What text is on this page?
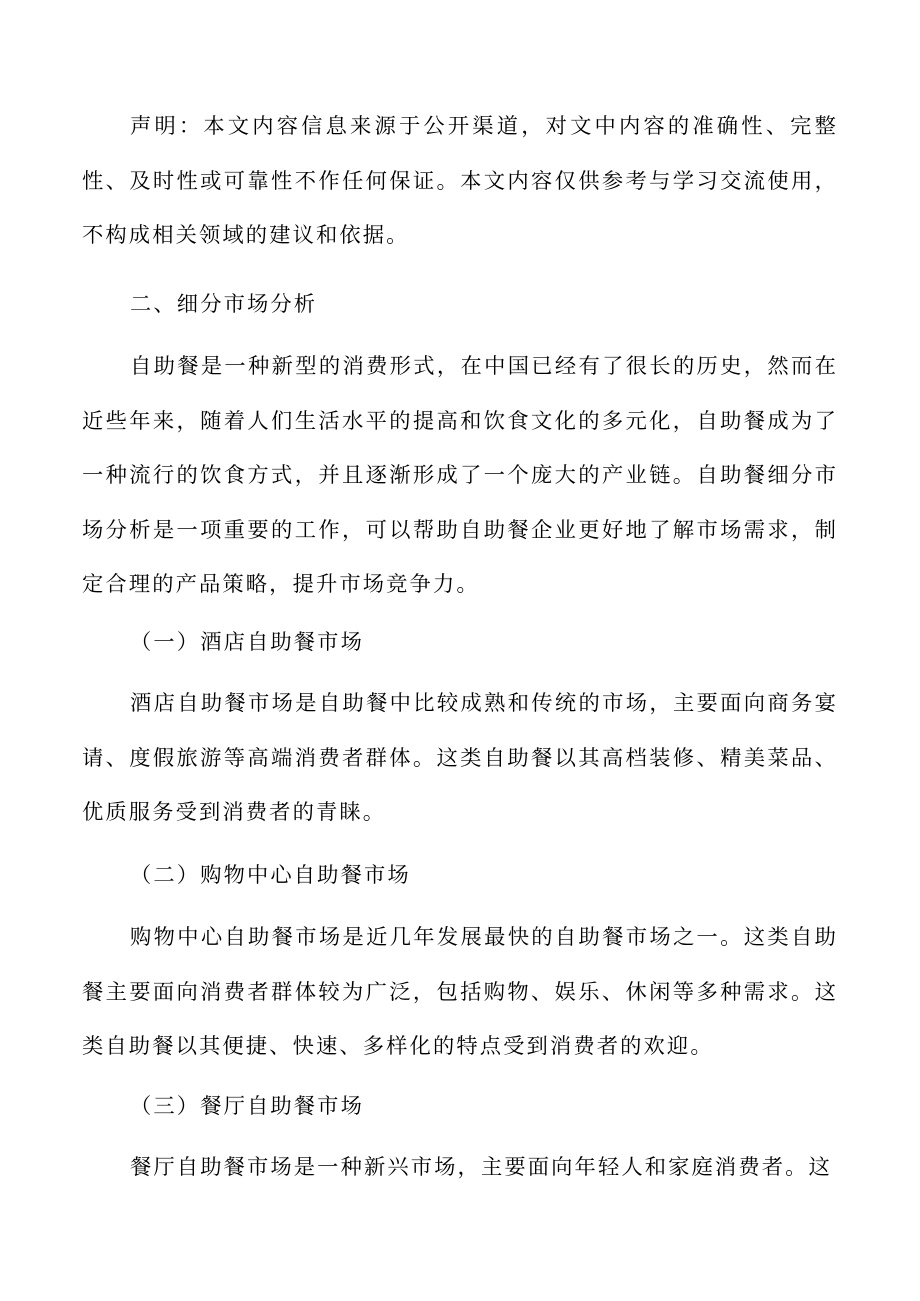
声明：本文内容信息来源于公开渠道，对文中内容的准确性、完整性、及时性或可靠性不作任何保证。本文内容仅供参考与学习交流使用，不构成相关领域的建议和依据。

二、细分市场分析

自助餐是一种新型的消费形式，在中国已经有了很长的历史，然而在近些年来，随着人们生活水平的提高和饮食文化的多元化，自助餐成为了一种流行的饮食方式，并且逐渐形成了一个庞大的产业链。自助餐细分市场分析是一项重要的工作，可以帮助自助餐企业更好地了解市场需求，制定合理的产品策略，提升市场竞争力。

（一）酒店自助餐市场

酒店自助餐市场是自助餐中比较成熟和传统的市场，主要面向商务宴请、度假旅游等高端消费者群体。这类自助餐以其高档装修、精美菜品、优质服务受到消费者的青睐。

（二）购物中心自助餐市场

购物中心自助餐市场是近几年发展最快的自助餐市场之一。这类自助餐主要面向消费者群体较为广泛，包括购物、娱乐、休闲等多种需求。这类自助餐以其便捷、快速、多样化的特点受到消费者的欢迎。

（三）餐厅自助餐市场

餐厅自助餐市场是一种新兴市场，主要面向年轻人和家庭消费者。这
